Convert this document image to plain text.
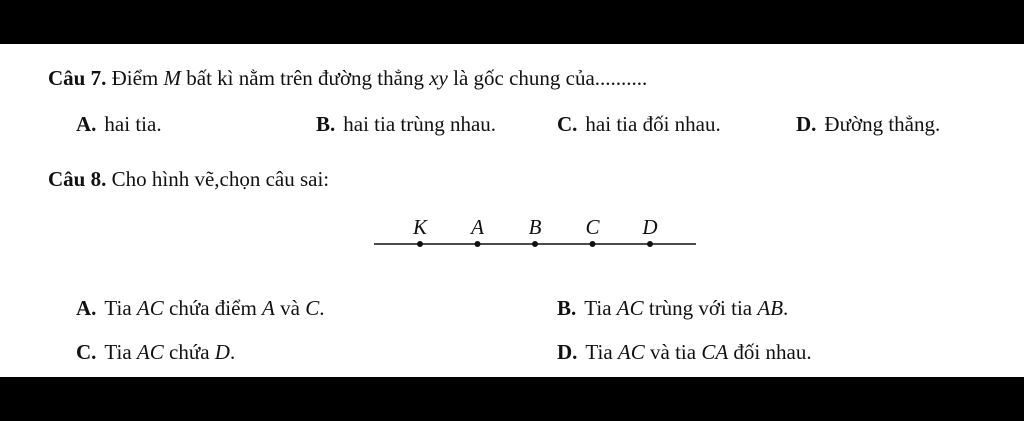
Câu 7. Điểm M bất kì nằm trên đường thẳng xy là gốc chung của..........
A. hai tia.	B. hai tia trùng nhau.	C. hai tia đối nhau.	D. Đường thẳng.
Câu 8. Cho hình vẽ,chọn câu sai:
K A B C D
A. Tia AC chứa điểm A và C.	B. Tia AC trùng với tia AB.
C. Tia AC chứa D.	D. Tia AC và tia CA đối nhau.
